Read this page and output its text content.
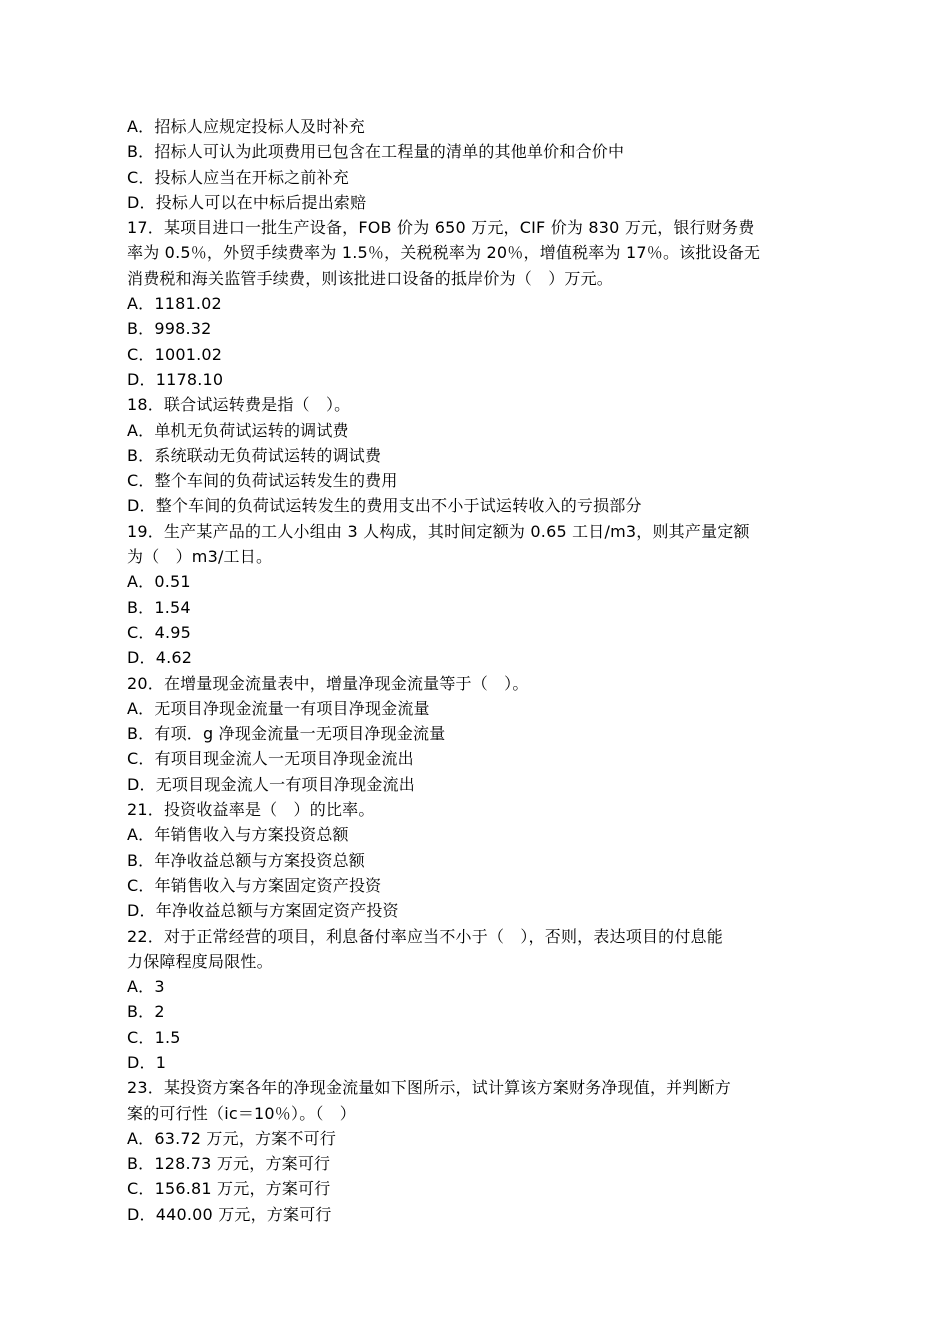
A．招标人应规定投标人及时补充
B．招标人可认为此项费用已包含在工程量的清单的其他单价和合价中
C．投标人应当在开标之前补充
D．投标人可以在中标后提出索赔
17．某项目进口一批生产设备，FOB 价为 650 万元，CIF 价为 830 万元，银行财务费
率为 0.5％，外贸手续费率为 1.5％，关税税率为 20％，增值税率为 17％。该批设备无
消费税和海关监管手续费，则该批进口设备的抵岸价为（　）万元。
A．1181.02
B．998.32
C．1001.02
D．1178.10
18．联合试运转费是指（　）。
A．单机无负荷试运转的调试费
B．系统联动无负荷试运转的调试费
C．整个车间的负荷试运转发生的费用
D．整个车间的负荷试运转发生的费用支出不小于试运转收入的亏损部分
19．生产某产品的工人小组由 3 人构成，其时间定额为 0.65 工日/m3，则其产量定额
为（　）m3/工日。
A．0.51
B．1.54
C．4.95
D．4.62
20．在增量现金流量表中，增量净现金流量等于（　）。
A．无项目净现金流量一有项目净现金流量
B．有项．g 净现金流量一无项目净现金流量
C．有项目现金流人一无项目净现金流出
D．无项目现金流人一有项目净现金流出
21．投资收益率是（　）的比率。
A．年销售收入与方案投资总额
B．年净收益总额与方案投资总额
C．年销售收入与方案固定资产投资
D．年净收益总额与方案固定资产投资
22．对于正常经营的项目，利息备付率应当不小于（　），否则，表达项目的付息能
力保障程度局限性。
A．3
B．2
C．1.5
D．1
23．某投资方案各年的净现金流量如下图所示，试计算该方案财务净现值，并判断方
案的可行性（ic＝10％）。（　）
A．63.72 万元，方案不可行
B．128.73 万元，方案可行
C．156.81 万元，方案可行
D．440.00 万元，方案可行
